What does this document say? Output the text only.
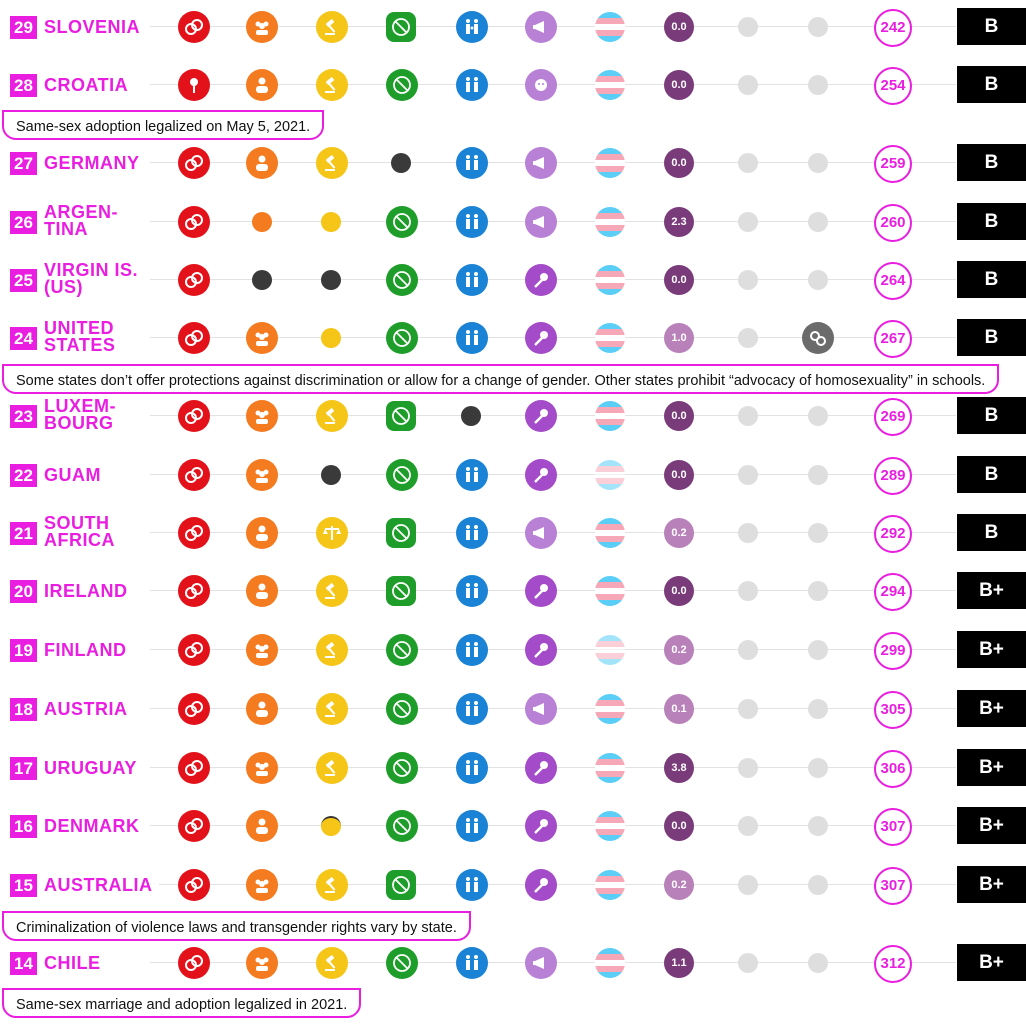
29 SLOVENIA	0.0	242	B
28 CROATIA	0.0	254	B
Same-sex adoption legalized on May 5, 2021.
27 GERMANY	0.0	259	B
26
ARGEN-
TINA	2.3	260	B
25
VIRGIN IS.
(US)	0.0	264	B
24
UNITED
STATES	1.0	267	B
Some states don’t offer protections against discrimination or allow for a change of gender. Other states prohibit “advocacy of homosexuality” in schools.
23
LUXEM-
BOURG	0.0	269	B
22 GUAM	0.0	289	B
21
SOUTH
AFRICA	0.2	292	B
20 IRELAND	0.0	294	B+
19 FINLAND	0.2	299	B+
18 AUSTRIA	0.1	305	B+
17 URUGUAY	3.8	306	B+
16 DENMARK	0.0	307	B+
15 AUSTRALIA	0.2	307	B+
Criminalization of violence laws and transgender rights vary by state.
14 CHILE	1.1	312	B+
Same-sex marriage and adoption legalized in 2021.
